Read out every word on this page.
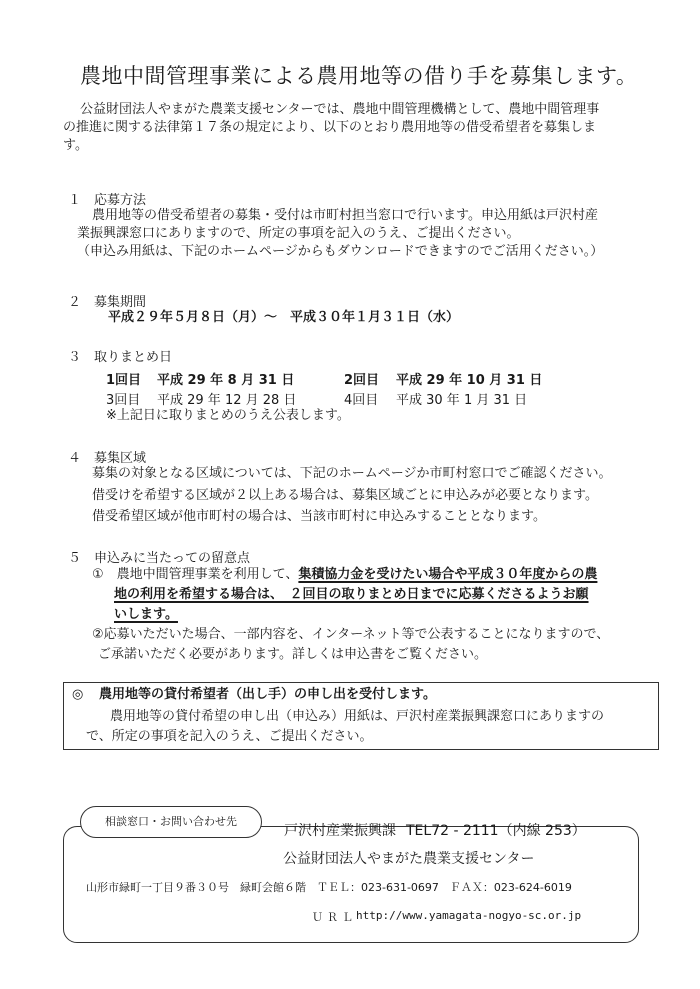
農地中間管理事業による農用地等の借り手を募集します。
公益財団法人やまがた農業支援センターでは、農地中間管理機構として、農地中間管理事
の推進に関する法律第１７条の規定により、以下のとおり農用地等の借受希望者を募集しま
す。
１　応募方法
農用地等の借受希望者の募集・受付は市町村担当窓口で行います。申込用紙は戸沢村産
業振興課窓口にありますので、所定の事項を記入のうえ、ご提出ください。
（申込み用紙は、下記のホームページからもダウンロードできますのでご活用ください。）
２　募集期間
平成２９年５月８日（月）～　平成３０年１月３１日（水）
３　取りまとめ日
1回目 平成 29 年 8 月 31 日	2回目 平成 29 年 10 月 31 日
3回目 平成 29 年 12 月 28 日	4回目 平成 30 年 1 月 31 日
※上記日に取りまとめのうえ公表します。
４　募集区域
募集の対象となる区域については、下記のホームページか市町村窓口でご確認ください。
借受けを希望する区域が２以上ある場合は、募集区域ごとに申込みが必要となります。
借受希望区域が他市町村の場合は、当該市町村に申込みすることとなります。
５　申込みに当たっての留意点
①　農地中間管理事業を利用して、集積協力金を受けたい場合や平成３０年度からの農
地の利用を希望する場合は、　２回目の取りまとめ日までに応募くださるようお願
いします。
②応募いただいた場合、一部内容を、インターネット等で公表することになりますので、
ご承諾いただく必要があります。詳しくは申込書をご覧ください。
◎ 農用地等の貸付希望者（出し手）の申し出を受付します。
農用地等の貸付希望の申し出（申込み）用紙は、戸沢村産業振興課窓口にありますの
で、所定の事項を記入のうえ、ご提出ください。
相談窓口・お問い合わせ先
戸沢村産業振興課 TEL72 - 2111（内線 253）
公益財団法人やまがた農業支援センター
山形市緑町一丁目９番３０号　緑町会館６階　ＴＥＬ：023-631-0697　ＦＡＸ：023-624-6019
ＵＲＬ http://www.yamagata-nogyo-sc.or.jp
